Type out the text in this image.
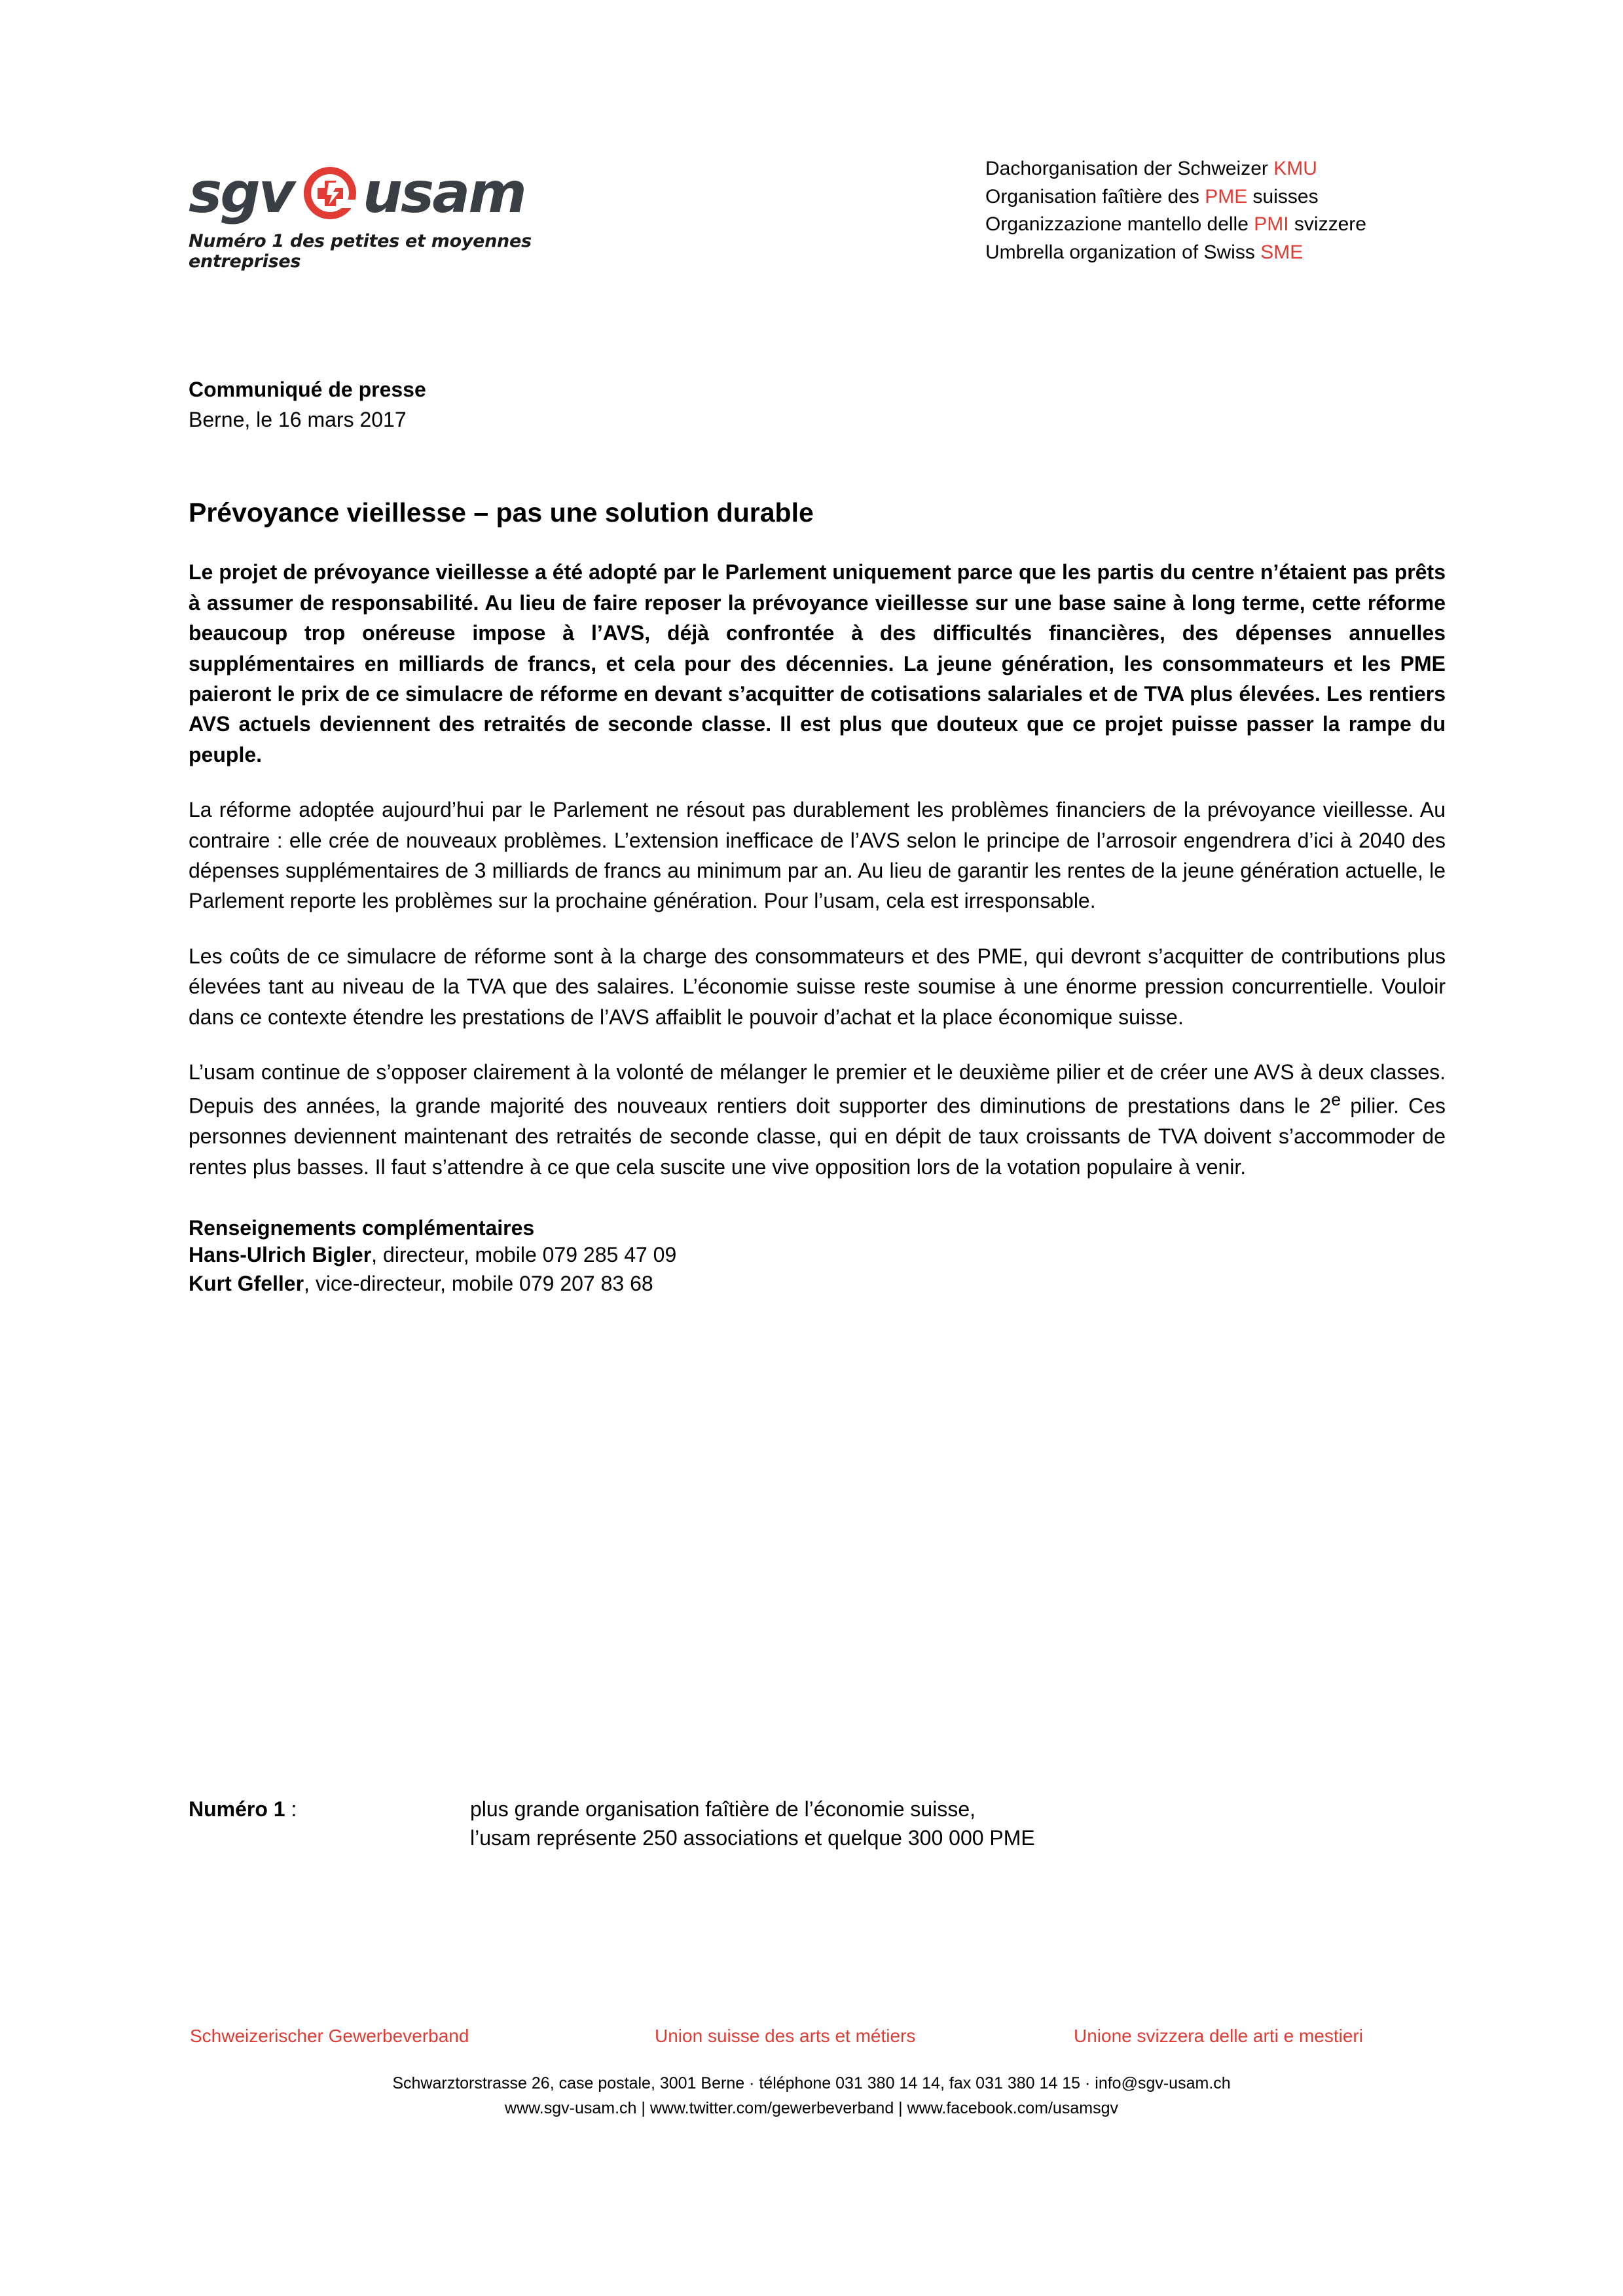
sgv usam
Numéro 1 des petites et moyennes entreprises
Dachorganisation der Schweizer KMU
Organisation faîtière des PME suisses
Organizzazione mantello delle PMI svizzere
Umbrella organization of Swiss SME
Communiqué de presse
Berne, le 16 mars 2017
Prévoyance vieillesse – pas une solution durable
Le projet de prévoyance vieillesse a été adopté par le Parlement uniquement parce que les partis du centre n’étaient pas prêts à assumer de responsabilité. Au lieu de faire reposer la prévoyance vieillesse sur une base saine à long terme, cette réforme beaucoup trop onéreuse impose à l’AVS, déjà confrontée à des difficultés financières, des dépenses annuelles supplémentaires en milliards de francs, et cela pour des décennies. La jeune génération, les consommateurs et les PME paieront le prix de ce simulacre de réforme en devant s’acquitter de cotisations salariales et de TVA plus élevées. Les rentiers AVS actuels deviennent des retraités de seconde classe. Il est plus que douteux que ce projet puisse passer la rampe du peuple.

La réforme adoptée aujourd’hui par le Parlement ne résout pas durablement les problèmes financiers de la prévoyance vieillesse. Au contraire : elle crée de nouveaux problèmes. L’extension inefficace de l’AVS selon le principe de l’arrosoir engendrera d’ici à 2040 des dépenses supplémentaires de 3 milliards de francs au minimum par an. Au lieu de garantir les rentes de la jeune génération actuelle, le Parlement reporte les problèmes sur la prochaine génération. Pour l’usam, cela est irresponsable.

Les coûts de ce simulacre de réforme sont à la charge des consommateurs et des PME, qui devront s’acquitter de contributions plus élevées tant au niveau de la TVA que des salaires. L’économie suisse reste soumise à une énorme pression concurrentielle. Vouloir dans ce contexte étendre les prestations de l’AVS affaiblit le pouvoir d’achat et la place économique suisse.

L’usam continue de s’opposer clairement à la volonté de mélanger le premier et le deuxième pilier et de créer une AVS à deux classes. Depuis des années, la grande majorité des nouveaux rentiers doit supporter des diminutions de prestations dans le 2e pilier. Ces personnes deviennent maintenant des retraités de seconde classe, qui en dépit de taux croissants de TVA doivent s’accommoder de rentes plus basses. Il faut s’attendre à ce que cela suscite une vive opposition lors de la votation populaire à venir.

Renseignements complémentaires
Hans-Ulrich Bigler, directeur, mobile 079 285 47 09
Kurt Gfeller, vice-directeur, mobile 079 207 83 68
Numéro 1 :	plus grande organisation faîtière de l’économie suisse,
l’usam représente 250 associations et quelque 300 000 PME
Schweizerischer Gewerbeverband	Union suisse des arts et métiers	Unione svizzera delle arti e mestieri
Schwarztorstrasse 26, case postale, 3001 Berne · téléphone 031 380 14 14, fax 031 380 14 15 · info@sgv-usam.ch
www.sgv-usam.ch | www.twitter.com/gewerbeverband | www.facebook.com/usamsgv
